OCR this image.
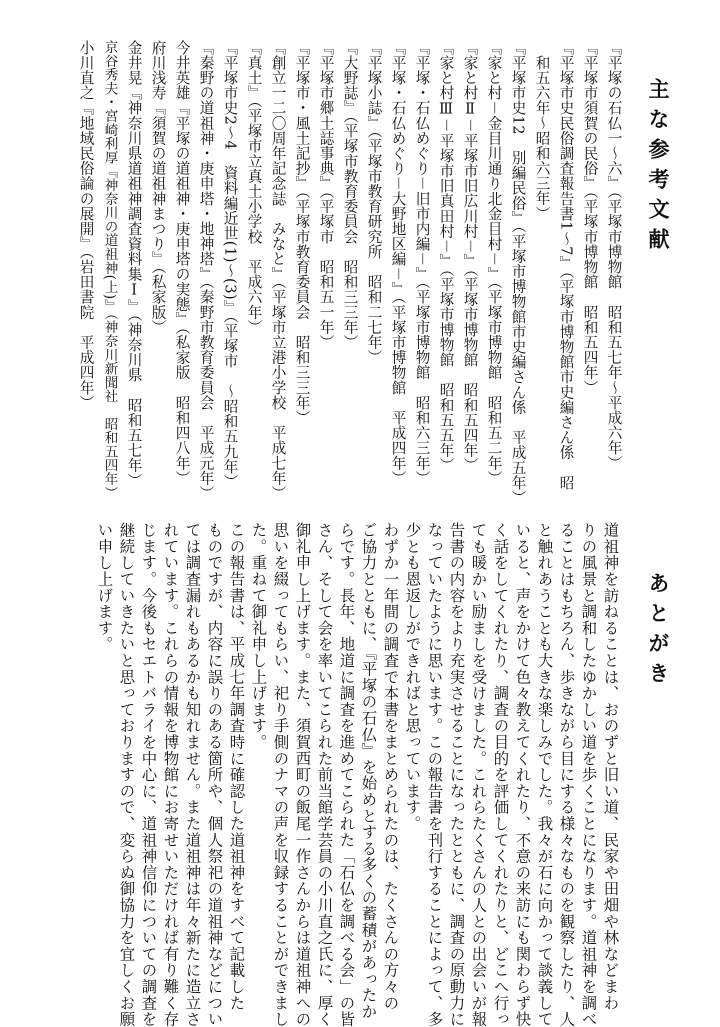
主な参考文献
『平塚の石仏一～六』（平塚市博物館　昭和五七年～平成六年）
『平塚市須賀の民俗』（平塚市博物館　昭和五四年）
『平塚市史民俗調査報告書1～7』（平塚市博物館市史編さん係　昭
和五六年～昭和六三年）
『平塚市史12　別編民俗』（平塚市博物館市史編さん係　平成五年）
『家と村－金目川通り北金目村－』（平塚市博物館　昭和五二年）
『家と村Ⅱ－平塚市旧広川村－』（平塚市博物館　昭和五四年）
『家と村Ⅲ－平塚市旧真田村－』（平塚市博物館　昭和五五年）
『平塚・石仏めぐり－旧市内編－』（平塚市博物館　昭和六三年）
『平塚・石仏めぐり－大野地区編－』（平塚市博物館　平成四年）
『平塚小誌』（平塚市教育研究所　昭和二七年）
『大野誌』（平塚市教育委員会　昭和三三年）
『平塚市郷土誌事典』（平塚市　昭和五一年）
『平塚市・風土記抄』（平塚市教育委員会　昭和三三年）
『創立一二〇周年記念誌　みなと』（平塚市立港小学校　平成七年）
『真土』（平塚市立真土小学校　平成六年）
『平塚市史2～4　資料編近世(1)～(3)』（平塚市　～昭和五九年）
『秦野の道祖神・庚申塔・地神塔』（秦野市教育委員会　平成元年）
今井英雄『平塚の道祖神・庚申塔の実態』（私家版　昭和四八年）
府川浅寿『須賀の道祖神まつり』（私家版）
金井晃『神奈川県道祖神調査資料集Ⅰ』（神奈川県　昭和五七年）
京谷秀夫・宮崎利厚『神奈川の道祖神(上)』（神奈川新聞社　昭和五四年）
小川直之『地域民俗論の展開』（岩田書院　平成四年）
あとがき
道祖神を訪ねることは、おのずと旧い道、民家や田畑や林などまわ
りの風景と調和したゆかしい道を歩くことになります。道祖神を調べ
ることはもちろん、歩きながら目にする様々なものを観察したり、人
と触れあうことも大きな楽しみでした。我々が石に向かって談義して
いると、声をかけて色々教えてくれたり、不意の来訪にも関わらず快
く話をしてくれたり、調査の目的を評価してくれたりと、どこへ行っ
ても暖かい励ましを受けました。これらたくさんの人との出会いが報
告書の内容をより充実させることになったとともに、調査の原動力に
なっていたように思います。この報告書を刊行することによって、多
少とも恩返しができればと思っています。
わずか一年間の調査で本書をまとめられたのは、たくさんの方々の
ご協力とともに、『平塚の石仏』を始めとする多くの蓄積があったか
らです。長年、地道に調査を進めてこられた「石仏を調べる会」の皆
さん、そして会を率いてこられた前当館学芸員の小川直之氏に、厚く
御礼申し上げます。また、須賀西町の飯尾一作さんからは道祖神への
思いを綴ってもらい、祀り手側のナマの声を収録することができまし
た。重ねて御礼申し上げます。
この報告書は、平成七年調査時に確認した道祖神をすべて記載した
ものですが、内容に誤りのある箇所や、個人祭祀の道祖神などについ
ては調査漏れもあるかも知れません。また道祖神は年々新たに造立さ
れています。これらの情報を博物館にお寄せいただければ有り難く存
じます。今後もセエトバライを中心に、道祖神信仰についての調査を
継続していきたいと思っておりますので、変らぬ御協力を宜しくお願
い申し上げます。
